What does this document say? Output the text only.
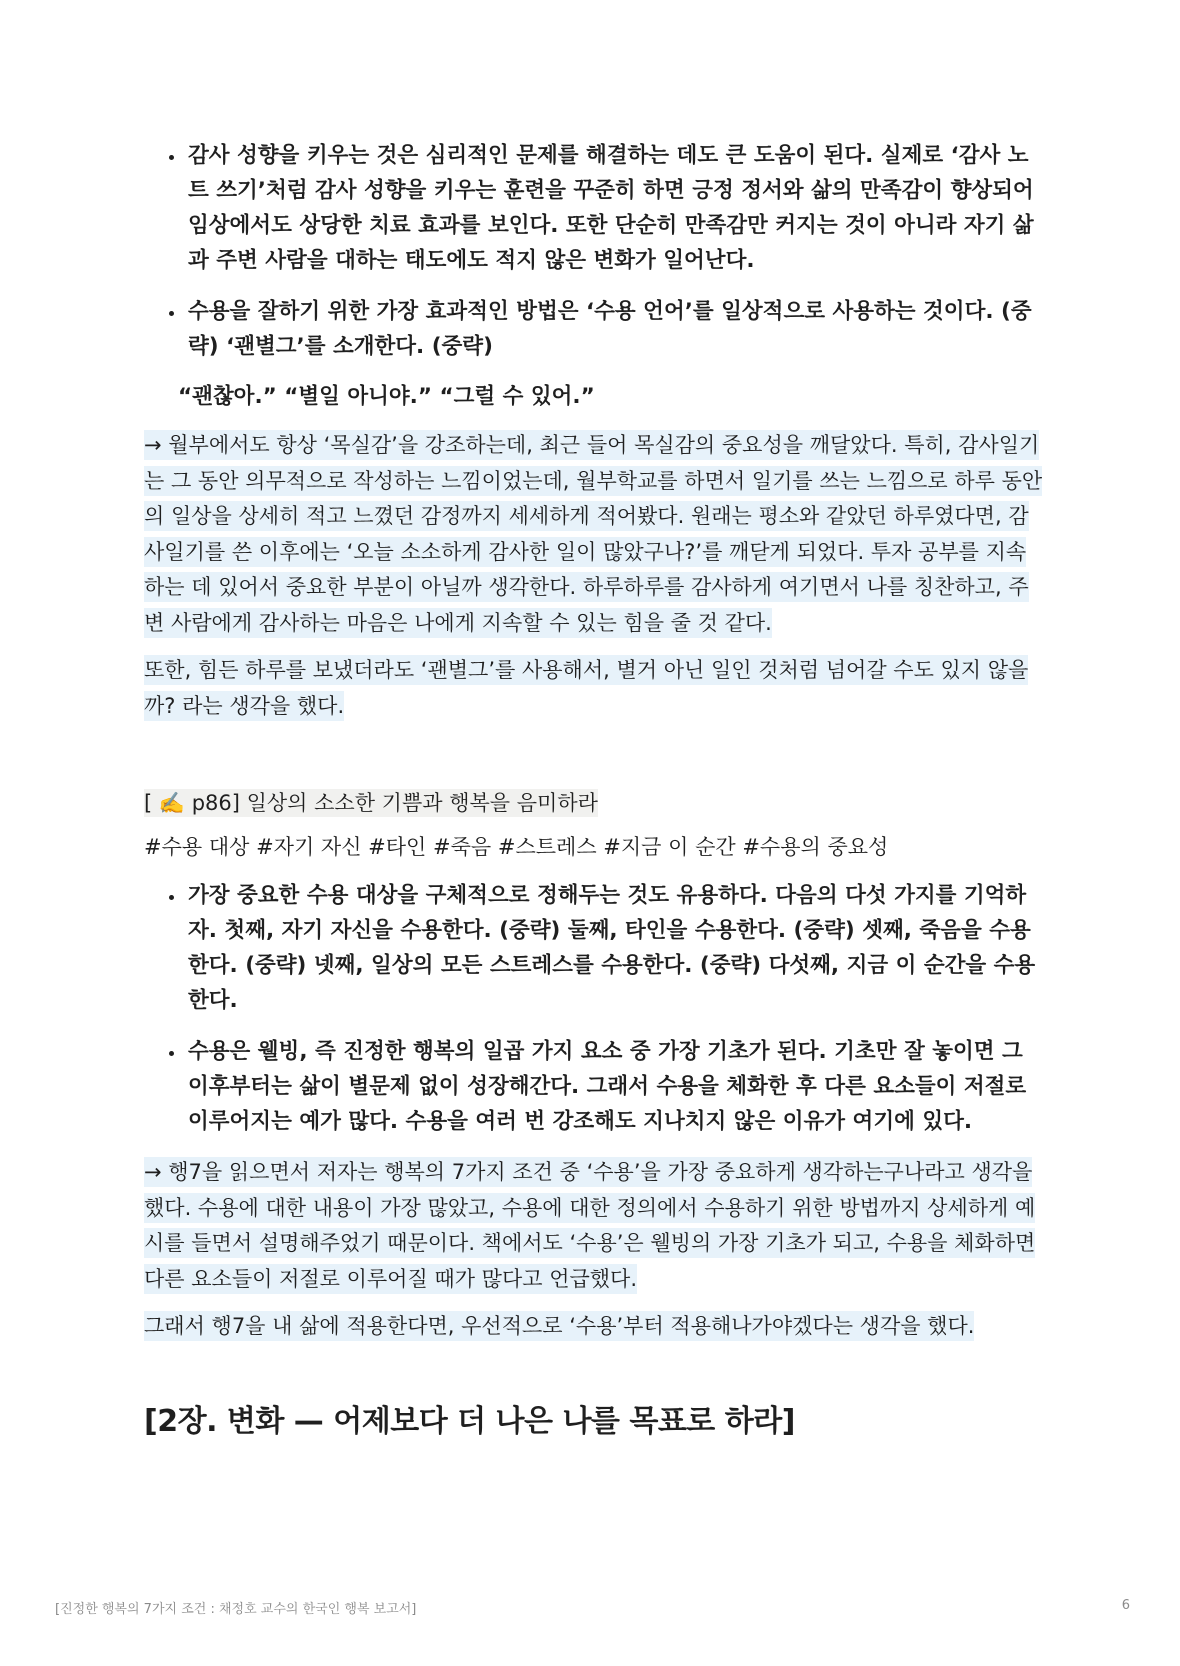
• 감사 성향을 키우는 것은 심리적인 문제를 해결하는 데도 큰 도움이 된다. 실제로 ‘감사 노트 쓰기’처럼 감사 성향을 키우는 훈련을 꾸준히 하면 긍정 정서와 삶의 만족감이 향상되어 임상에서도 상당한 치료 효과를 보인다. 또한 단순히 만족감만 커지는 것이 아니라 자기 삶과 주변 사람을 대하는 태도에도 적지 않은 변화가 일어난다.
• 수용을 잘하기 위한 가장 효과적인 방법은 ‘수용 언어’를 일상적으로 사용하는 것이다. (중략) ‘괜별그’를 소개한다. (중략)
“괜찮아.” “별일 아니야.” “그럴 수 있어.”

→ 월부에서도 항상 ‘목실감’을 강조하는데, 최근 들어 목실감의 중요성을 깨달았다. 특히, 감사일기는 그 동안 의무적으로 작성하는 느낌이었는데, 월부학교를 하면서 일기를 쓰는 느낌으로 하루 동안의 일상을 상세히 적고 느꼈던 감정까지 세세하게 적어봤다. 원래는 평소와 같았던 하루였다면, 감사일기를 쓴 이후에는 ‘오늘 소소하게 감사한 일이 많았구나?’를 깨닫게 되었다. 투자 공부를 지속하는 데 있어서 중요한 부분이 아닐까 생각한다. 하루하루를 감사하게 여기면서 나를 칭찬하고, 주변 사람에게 감사하는 마음은 나에게 지속할 수 있는 힘을 줄 것 같다.

또한, 힘든 하루를 보냈더라도 ‘괜별그’를 사용해서, 별거 아닌 일인 것처럼 넘어갈 수도 있지 않을까? 라는 생각을 했다.

[ ✍️ p86] 일상의 소소한 기쁨과 행복을 음미하라
#수용 대상 #자기 자신 #타인 #죽음 #스트레스 #지금 이 순간 #수용의 중요성
• 가장 중요한 수용 대상을 구체적으로 정해두는 것도 유용하다. 다음의 다섯 가지를 기억하자. 첫째, 자기 자신을 수용한다. (중략) 둘째, 타인을 수용한다. (중략) 셋째, 죽음을 수용한다. (중략) 넷째, 일상의 모든 스트레스를 수용한다. (중략) 다섯째, 지금 이 순간을 수용한다.
• 수용은 웰빙, 즉 진정한 행복의 일곱 가지 요소 중 가장 기초가 된다. 기초만 잘 놓이면 그 이후부터는 삶이 별문제 없이 성장해간다. 그래서 수용을 체화한 후 다른 요소들이 저절로 이루어지는 예가 많다. 수용을 여러 번 강조해도 지나치지 않은 이유가 여기에 있다.

→ 행7을 읽으면서 저자는 행복의 7가지 조건 중 ‘수용’을 가장 중요하게 생각하는구나라고 생각을 했다. 수용에 대한 내용이 가장 많았고, 수용에 대한 정의에서 수용하기 위한 방법까지 상세하게 예시를 들면서 설명해주었기 때문이다. 책에서도 ‘수용’은 웰빙의 가장 기초가 되고, 수용을 체화하면 다른 요소들이 저절로 이루어질 때가 많다고 언급했다.

그래서 행7을 내 삶에 적용한다면, 우선적으로 ‘수용’부터 적용해나가야겠다는 생각을 했다.

[2장. 변화 — 어제보다 더 나은 나를 목표로 하라]
[진정한 행복의 7가지 조건 : 채정호 교수의 한국인 행복 보고서]	6
